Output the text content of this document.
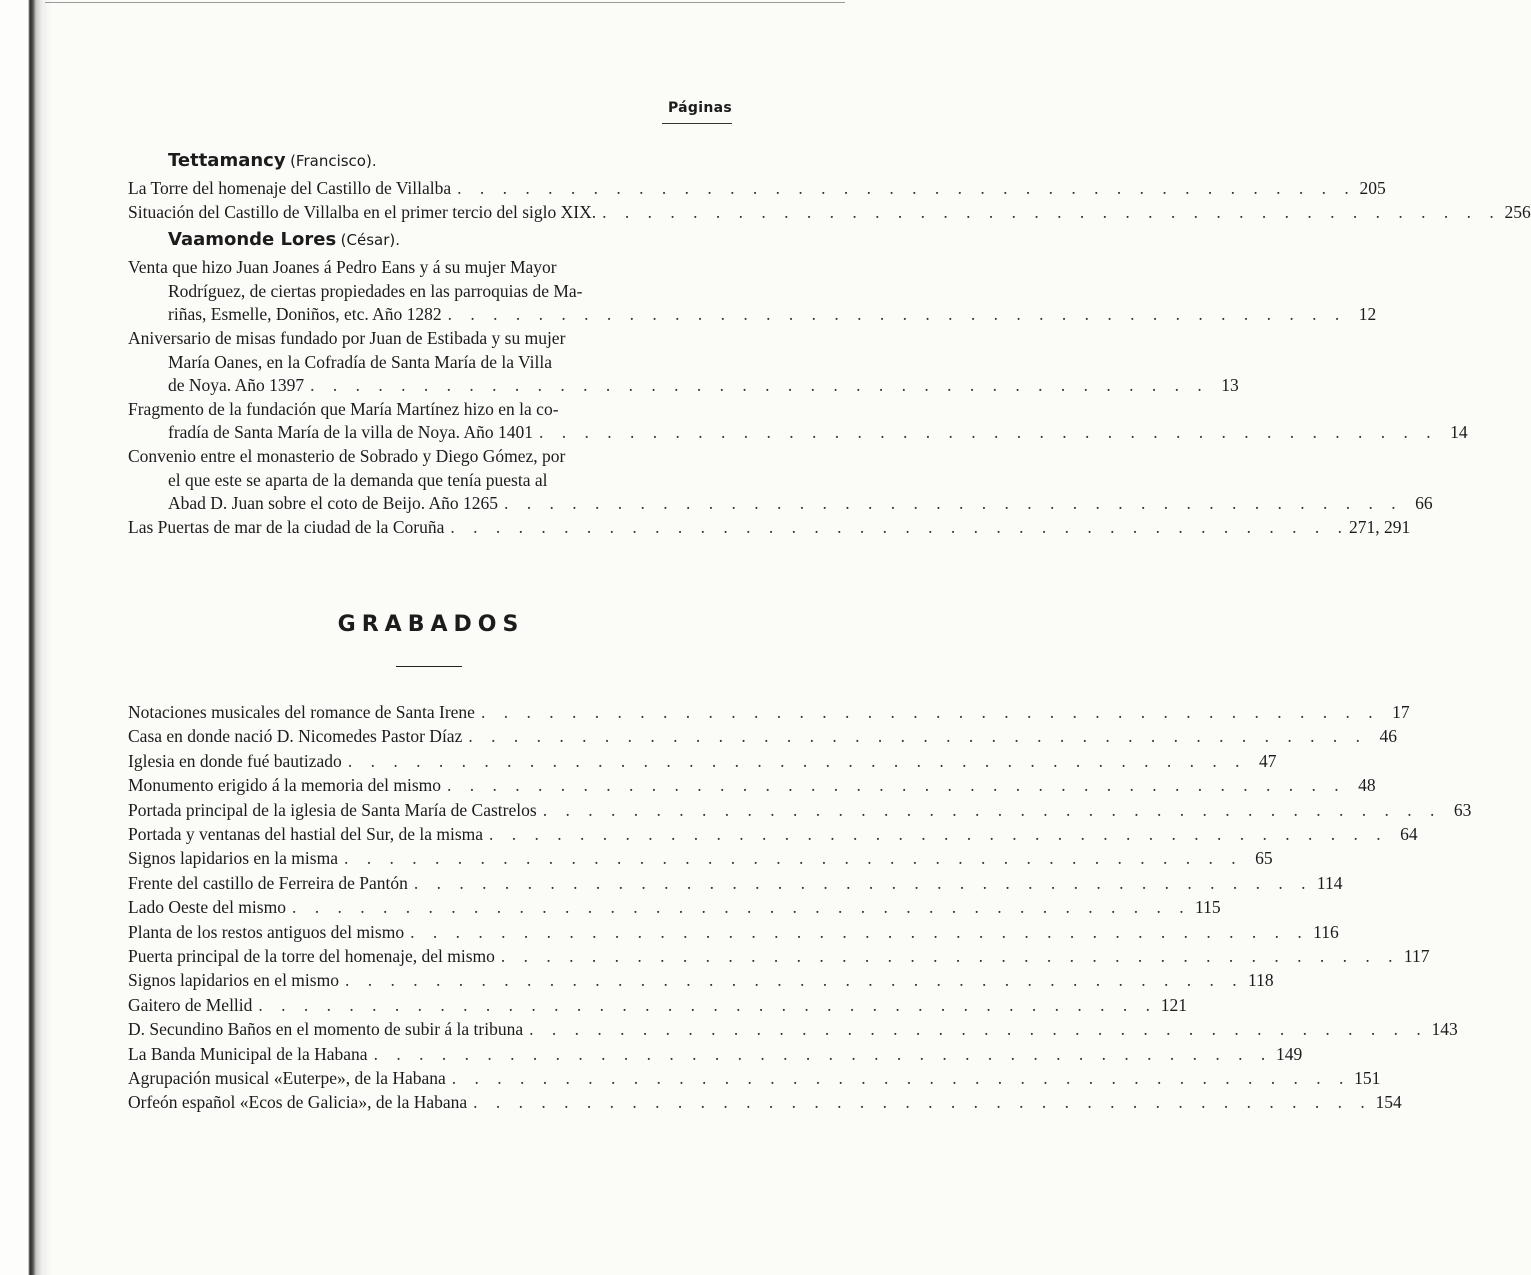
Páginas
Tettamancy (Francisco).
La Torre del homenaje del Castillo de Villalba . . . . . . . . . . . . . . . . . . . . . . . . . . . . . . . . . . . . . . . . 205
Situación del Castillo de Villalba en el primer tercio del siglo XIX. . . . . . . . . . . . . . . . . . . . . . . . . . . . . . . . . . . . . . . . . 256
Vaamonde Lores (César).
Venta que hizo Juan Joanes á Pedro Eans y á su mujer Mayor
Rodríguez, de ciertas propiedades en las parroquias de Ma-
riñas, Esmelle, Doniños, etc. Año 1282 . . . . . . . . . . . . . . . . . . . . . . . . . . . . . . . . . . . . . . . . 12
Aniversario de misas fundado por Juan de Estibada y su mujer
María Oanes, en la Cofradía de Santa María de la Villa
de Noya. Año 1397 . . . . . . . . . . . . . . . . . . . . . . . . . . . . . . . . . . . . . . . . 13
Fragmento de la fundación que María Martínez hizo en la co-
fradía de Santa María de la villa de Noya. Año 1401 . . . . . . . . . . . . . . . . . . . . . . . . . . . . . . . . . . . . . . . . 14
Convenio entre el monasterio de Sobrado y Diego Gómez, por
el que este se aparta de la demanda que tenía puesta al
Abad D. Juan sobre el coto de Beijo. Año 1265 . . . . . . . . . . . . . . . . . . . . . . . . . . . . . . . . . . . . . . . . 66
Las Puertas de mar de la ciudad de la Coruña . . . . . . . . . . . . . . . . . . . . . . . . . . . . . . . . . . . . . . . . 271, 291
GRABADOS
Notaciones musicales del romance de Santa Irene . . . . . . . . . . . . . . . . . . . . . . . . . . . . . . . . . . . . . . . . 17
Casa en donde nació D. Nicomedes Pastor Díaz . . . . . . . . . . . . . . . . . . . . . . . . . . . . . . . . . . . . . . . . 46
Iglesia en donde fué bautizado . . . . . . . . . . . . . . . . . . . . . . . . . . . . . . . . . . . . . . . . 47
Monumento erigido á la memoria del mismo . . . . . . . . . . . . . . . . . . . . . . . . . . . . . . . . . . . . . . . . 48
Portada principal de la iglesia de Santa María de Castrelos . . . . . . . . . . . . . . . . . . . . . . . . . . . . . . . . . . . . . . . . 63
Portada y ventanas del hastial del Sur, de la misma . . . . . . . . . . . . . . . . . . . . . . . . . . . . . . . . . . . . . . . . 64
Signos lapidarios en la misma . . . . . . . . . . . . . . . . . . . . . . . . . . . . . . . . . . . . . . . . 65
Frente del castillo de Ferreira de Pantón . . . . . . . . . . . . . . . . . . . . . . . . . . . . . . . . . . . . . . . . 114
Lado Oeste del mismo . . . . . . . . . . . . . . . . . . . . . . . . . . . . . . . . . . . . . . . . 115
Planta de los restos antiguos del mismo . . . . . . . . . . . . . . . . . . . . . . . . . . . . . . . . . . . . . . . . 116
Puerta principal de la torre del homenaje, del mismo . . . . . . . . . . . . . . . . . . . . . . . . . . . . . . . . . . . . . . . . 117
Signos lapidarios en el mismo . . . . . . . . . . . . . . . . . . . . . . . . . . . . . . . . . . . . . . . . 118
Gaitero de Mellid . . . . . . . . . . . . . . . . . . . . . . . . . . . . . . . . . . . . . . . . 121
D. Secundino Baños en el momento de subir á la tribuna . . . . . . . . . . . . . . . . . . . . . . . . . . . . . . . . . . . . . . . . 143
La Banda Municipal de la Habana . . . . . . . . . . . . . . . . . . . . . . . . . . . . . . . . . . . . . . . . 149
Agrupación musical «Euterpe», de la Habana . . . . . . . . . . . . . . . . . . . . . . . . . . . . . . . . . . . . . . . . 151
Orfeón español «Ecos de Galicia», de la Habana . . . . . . . . . . . . . . . . . . . . . . . . . . . . . . . . . . . . . . . . 154
